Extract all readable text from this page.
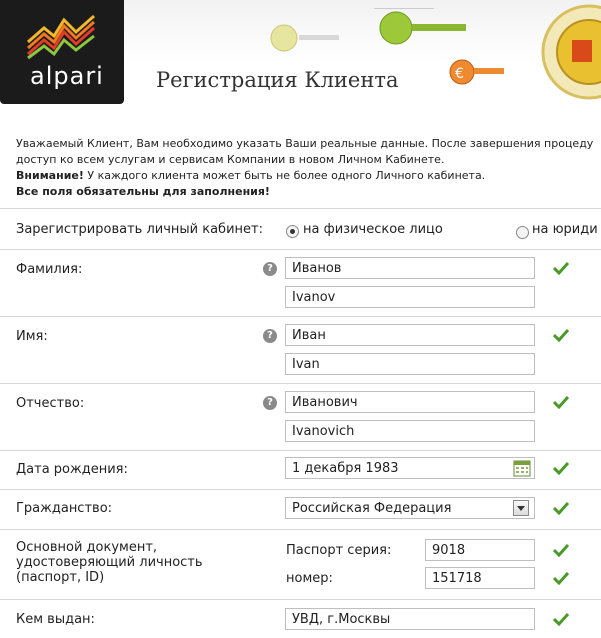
alpari	€
Регистрация Клиента
Уважаемый Клиент, Вам необходимо указать Ваши реальные данные. После завершения процеду
доступ ко всем услугам и сервисам Компании в новом Личном Кабинете.
Внимание! У каждого клиента может быть не более одного Личного кабинета.
Все поля обязательны для заполнения!
Зарегистрировать личный кабинет:	на физическое лицо	на юриди
Фамилия:	?	Иванов
Ivanov
Имя:	?	Иван
Ivan
Отчество:	?	Иванович
Ivanovich
Дата рождения:	1 декабря 1983
Гражданство:	Российская Федерация
Основной документ,
удостоверяющий личность
(паспорт, ID)
Паспорт серия:	9018
номер:	151718
Кем выдан:	УВД, г.Москвы
